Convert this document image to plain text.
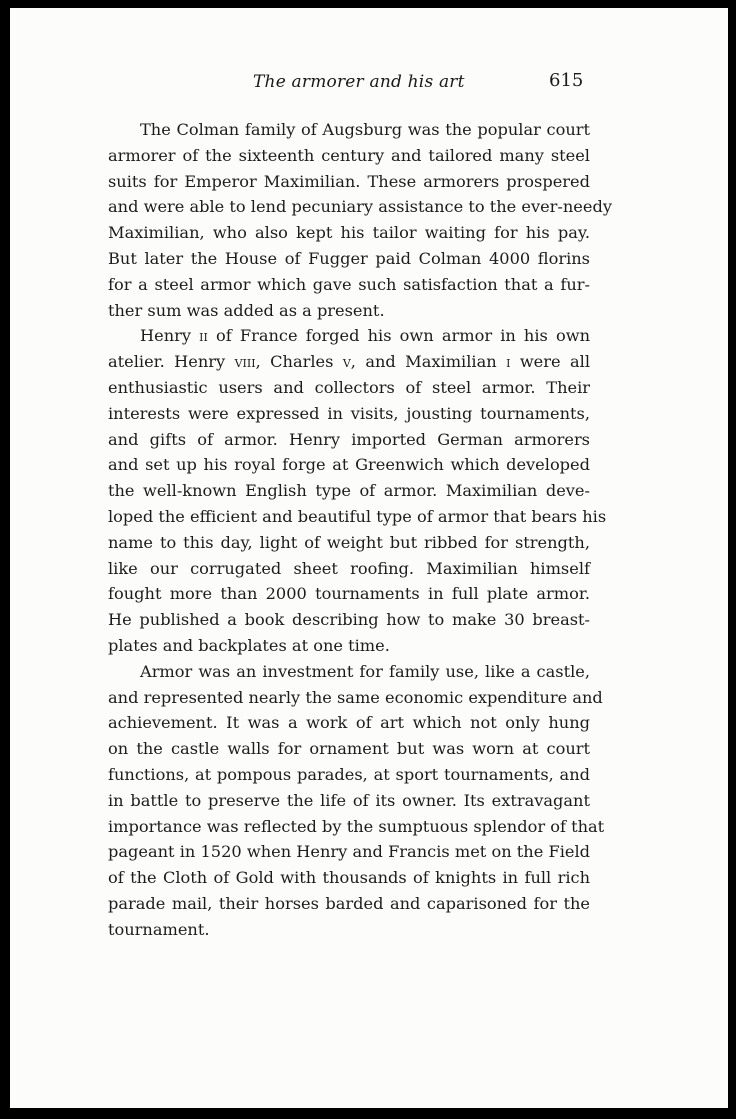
The armorer and his art	615
The Colman family of Augsburg was the popular court
armorer of the sixteenth century and tailored many steel
suits for Emperor Maximilian. These armorers prospered
and were able to lend pecuniary assistance to the ever-needy
Maximilian, who also kept his tailor waiting for his pay.
But later the House of Fugger paid Colman 4000 florins
for a steel armor which gave such satisfaction that a fur-
ther sum was added as a present.
Henry ii of France forged his own armor in his own
atelier. Henry viii, Charles v, and Maximilian i were all
enthusiastic users and collectors of steel armor. Their
interests were expressed in visits, jousting tournaments,
and gifts of armor. Henry imported German armorers
and set up his royal forge at Greenwich which developed
the well-known English type of armor. Maximilian deve-
loped the efficient and beautiful type of armor that bears his
name to this day, light of weight but ribbed for strength,
like our corrugated sheet roofing. Maximilian himself
fought more than 2000 tournaments in full plate armor.
He published a book describing how to make 30 breast-
plates and backplates at one time.
Armor was an investment for family use, like a castle,
and represented nearly the same economic expenditure and
achievement. It was a work of art which not only hung
on the castle walls for ornament but was worn at court
functions, at pompous parades, at sport tournaments, and
in battle to preserve the life of its owner. Its extravagant
importance was reflected by the sumptuous splendor of that
pageant in 1520 when Henry and Francis met on the Field
of the Cloth of Gold with thousands of knights in full rich
parade mail, their horses barded and caparisoned for the
tournament.
